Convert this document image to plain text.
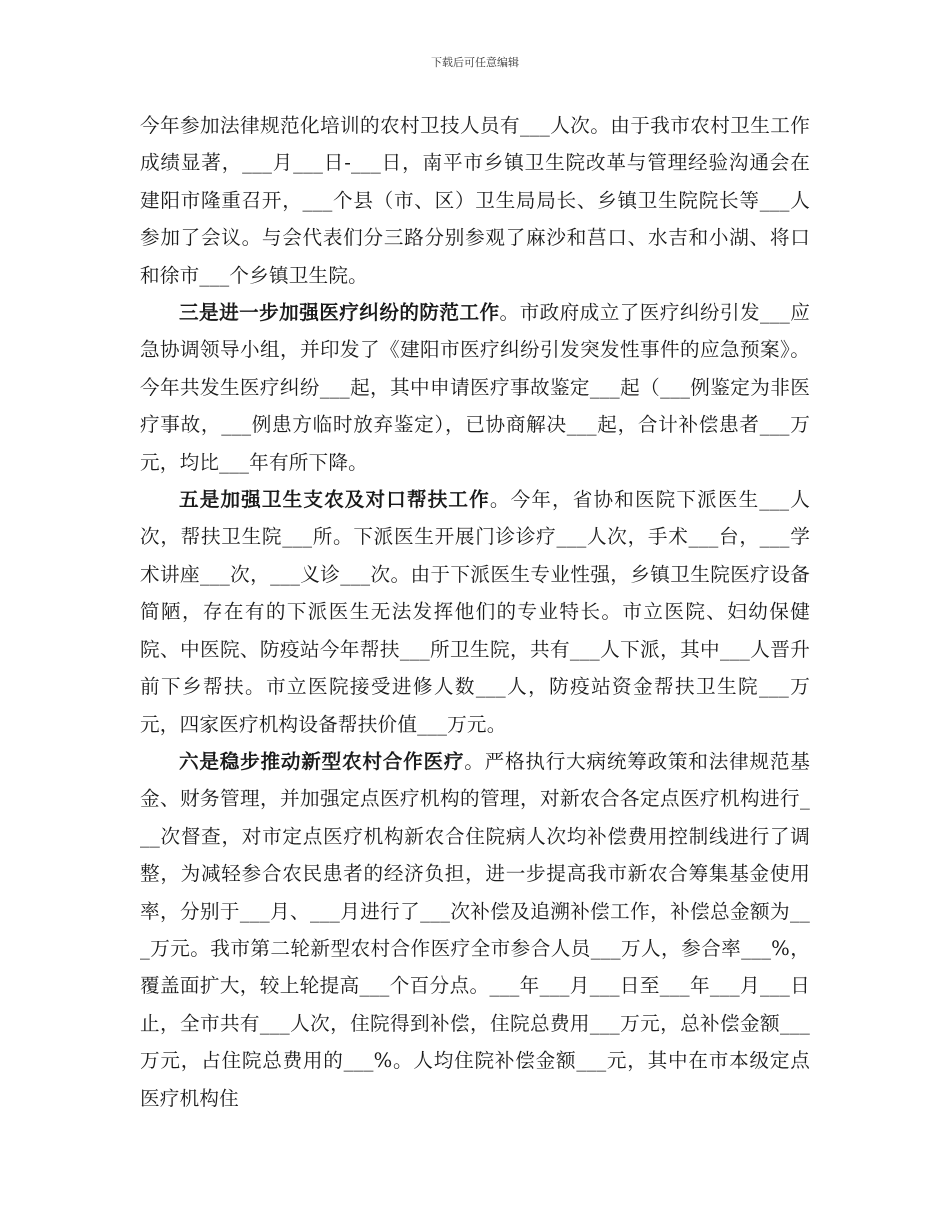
下载后可任意编辑

今年参加法律规范化培训的农村卫技人员有___人次。由于我市农村卫生工作成绩显著，___月___日-___日，南平市乡镇卫生院改革与管理经验沟通会在建阳市隆重召开，___个县（市、区）卫生局局长、乡镇卫生院院长等___人参加了会议。与会代表们分三路分别参观了麻沙和莒口、水吉和小湖、将口和徐市___个乡镇卫生院。

三是进一步加强医疗纠纷的防范工作。市政府成立了医疗纠纷引发___应急协调领导小组，并印发了《建阳市医疗纠纷引发突发性事件的应急预案》。今年共发生医疗纠纷___起，其中申请医疗事故鉴定___起（___例鉴定为非医疗事故，___例患方临时放弃鉴定），已协商解决___起，合计补偿患者___万元，均比___年有所下降。

五是加强卫生支农及对口帮扶工作。今年，省协和医院下派医生___人次，帮扶卫生院___所。下派医生开展门诊诊疗___人次，手术___台，___学术讲座___次，___义诊___次。由于下派医生专业性强，乡镇卫生院医疗设备简陋，存在有的下派医生无法发挥他们的专业特长。市立医院、妇幼保健院、中医院、防疫站今年帮扶___所卫生院，共有___人下派，其中___人晋升前下乡帮扶。市立医院接受进修人数___人，防疫站资金帮扶卫生院___万元，四家医疗机构设备帮扶价值___万元。

六是稳步推动新型农村合作医疗。严格执行大病统筹政策和法律规范基金、财务管理，并加强定点医疗机构的管理，对新农合各定点医疗机构进行___次督查，对市定点医疗机构新农合住院病人次均补偿费用控制线进行了调整，为减轻参合农民患者的经济负担，进一步提高我市新农合筹集基金使用率，分别于___月、___月进行了___次补偿及追溯补偿工作，补偿总金额为___万元。我市第二轮新型农村合作医疗全市参合人员___万人，参合率___%，覆盖面扩大，较上轮提高___个百分点。___年___月___日至___年___月___日止，全市共有___人次，住院得到补偿，住院总费用___万元，总补偿金额___万元，占住院总费用的___%。人均住院补偿金额___元，其中在市本级定点医疗机构住
